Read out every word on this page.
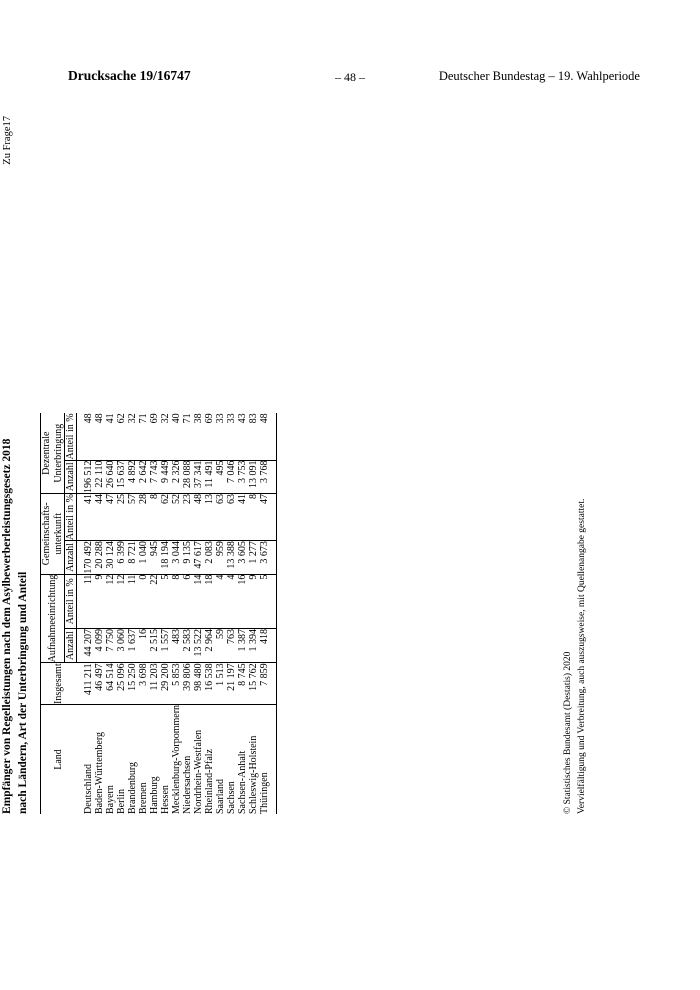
Drucksache 19/16747	– 48 –	Deutscher Bundestag – 19. Wahlperiode
Empfänger von Regelleistungen nach dem Asylbewerberleistungsgesetz 2018 nach Ländern, Art der Unterbringung und Anteil
Zu Frage17
Land	Insgesamt	Aufnahmeeinrichtung		Gemeinschafts-
unterkunft		Dezentrale
Unterbringung	
		Anzahl	Anteil in %	Anzahl	Anteil in %	Anzahl	Anteil in %
Deutschland	411 211	44 207	11	170 492	41	196 512	48
Baden-Württemberg	46 497	4 099	9	20 288	44	22 110	48
Bayern	64 514	7 750	12	30 124	47	26 640	41
Berlin	25 096	3 060	12	6 399	25	15 637	62
Brandenburg	15 250	1 637	11	8 721	57	4 892	32
Bremen	3 698	16	0	1 040	28	2 642	71
Hamburg	11 203	2 515	22	945	8	7 743	69
Hessen	29 200	1 557	5	18 194	62	9 449	32
Mecklenburg-Vorpommern	5 853	483	8	3 044	52	2 326	40
Niedersachsen	39 806	2 583	6	9 135	23	28 088	71
Nordrhein-Westfalen	98 480	13 522	14	47 617	48	37 341	38
Rheinland-Pfalz	16 538	2 964	18	2 083	13	11 491	69
Saarland	1 513	59	4	959	63	495	33
Sachsen	21 197	763	4	13 388	63	7 046	33
Sachsen-Anhalt	8 745	1 387	16	3 605	41	3 753	43
Schleswig-Holstein	15 762	1 394	9	1 277	8	13 091	83
Thüringen	7 859	418	5	3 673	47	3 768	48
© Statistisches Bundesamt (Destatis) 2020 Vervielfältigung und Verbreitung, auch auszugsweise, mit Quellenangabe gestattet.
